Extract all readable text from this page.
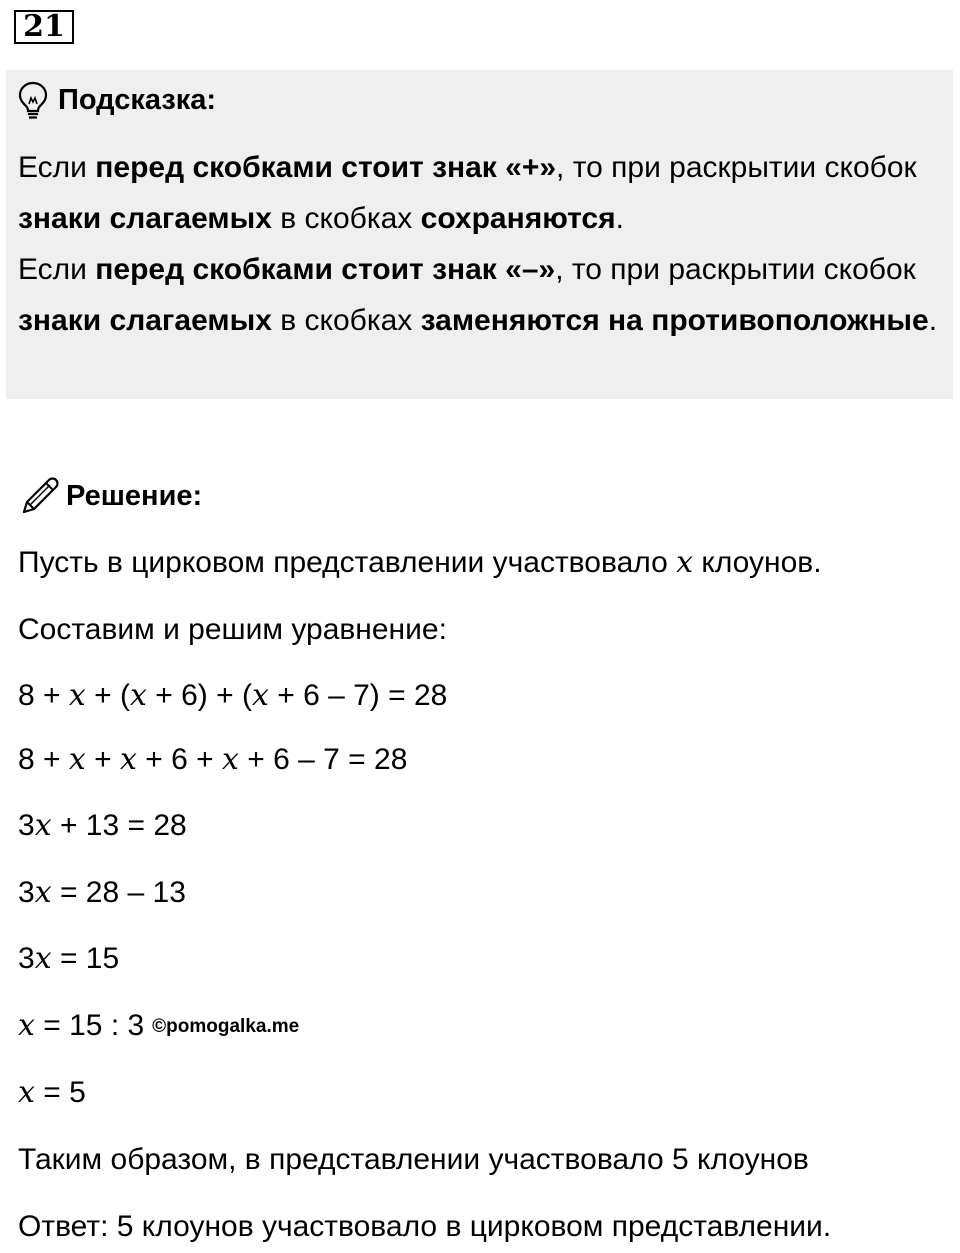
21
Подсказка:
Если перед скобками стоит знак «+», то при раскрытии скобок знаки слагаемых в скобках сохраняются.
Если перед скобками стоит знак «–», то при раскрытии скобок знаки слагаемых в скобках заменяются на противоположные.
Решение:
Пусть в цирковом представлении участвовало x клоунов.
Составим и решим уравнение:
8 + x + (x + 6) + (x + 6 – 7) = 28
8 + x + x + 6 + x + 6 – 7 = 28
3x + 13 = 28
3x = 28 – 13
3x = 15
x = 15 : 3 ©pomogalka.me
x = 5
Таким образом, в представлении участвовало 5 клоунов
Ответ: 5 клоунов участвовало в цирковом представлении.
